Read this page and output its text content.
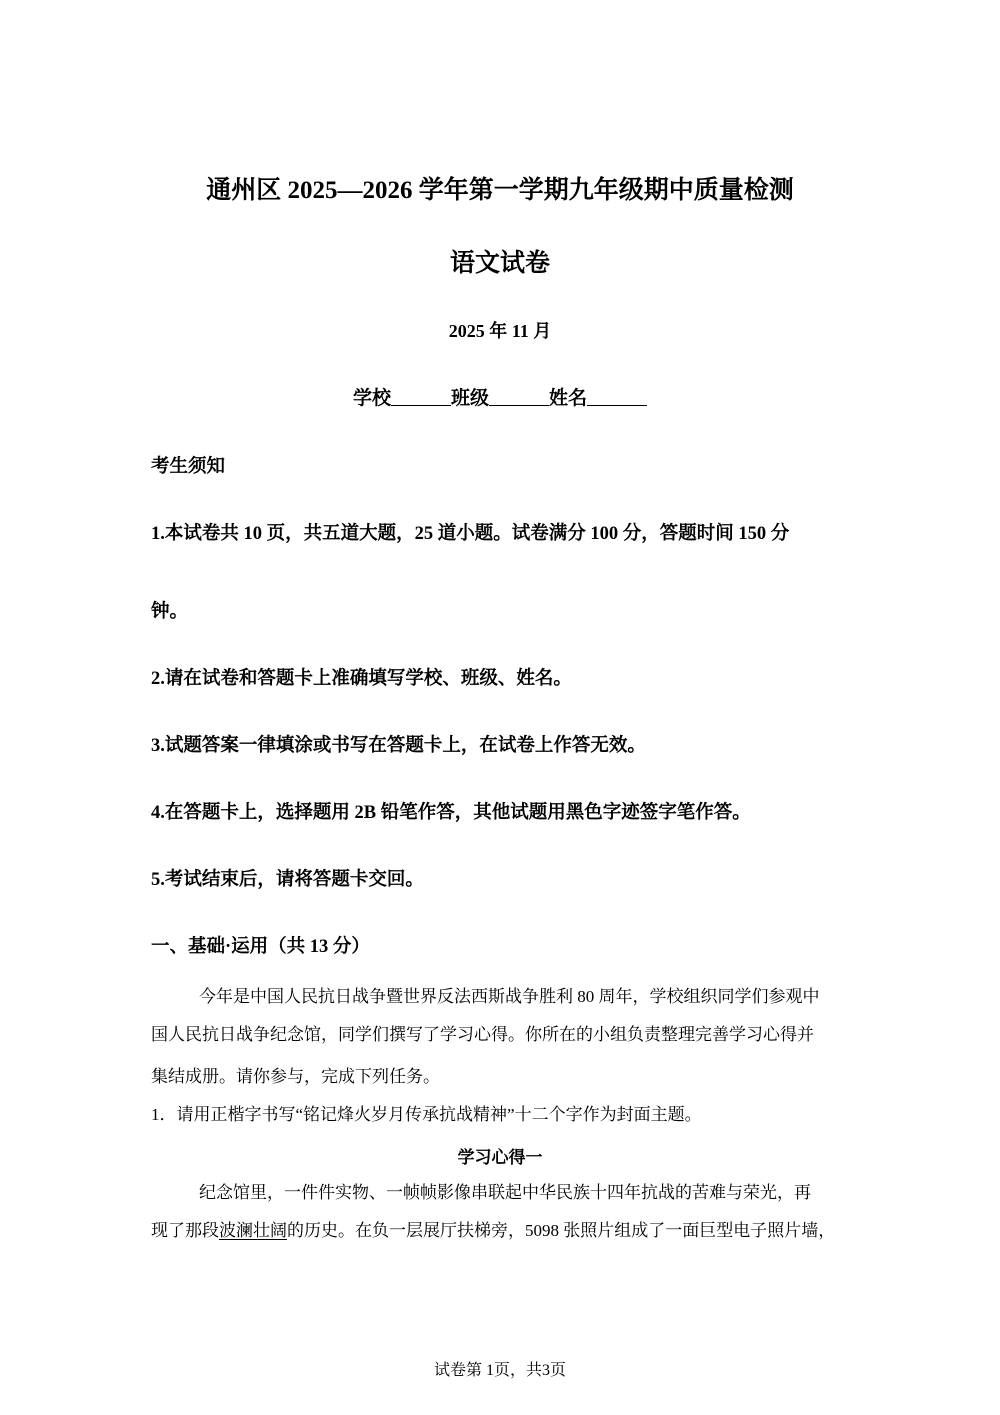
通州区 2025—2026 学年第一学期九年级期中质量检测
语文试卷
2025 年 11 月
学校	班级	姓名
考生须知
1.本试卷共 10 页，共五道大题，25 道小题。试卷满分 100 分，答题时间 150 分
钟。
2.请在试卷和答题卡上准确填写学校、班级、姓名。
3.试题答案一律填涂或书写在答题卡上，在试卷上作答无效。
4.在答题卡上，选择题用 2B 铅笔作答，其他试题用黑色字迹签字笔作答。
5.考试结束后，请将答题卡交回。
一、基础·运用（共 13 分）
今年是中国人民抗日战争暨世界反法西斯战争胜利 80 周年，学校组织同学们参观中
国人民抗日战争纪念馆，同学们撰写了学习心得。你所在的小组负责整理完善学习心得并
集结成册。请你参与，完成下列任务。
1．请用正楷字书写“铭记烽火岁月传承抗战精神”十二个字作为封面主题。
学习心得一
纪念馆里，一件件实物、一帧帧影像串联起中华民族十四年抗战的苦难与荣光，再
现了那段波澜壮阔的历史。在负一层展厅扶梯旁，5098 张照片组成了一面巨型电子照片墙，
试卷第 1页，共3页
